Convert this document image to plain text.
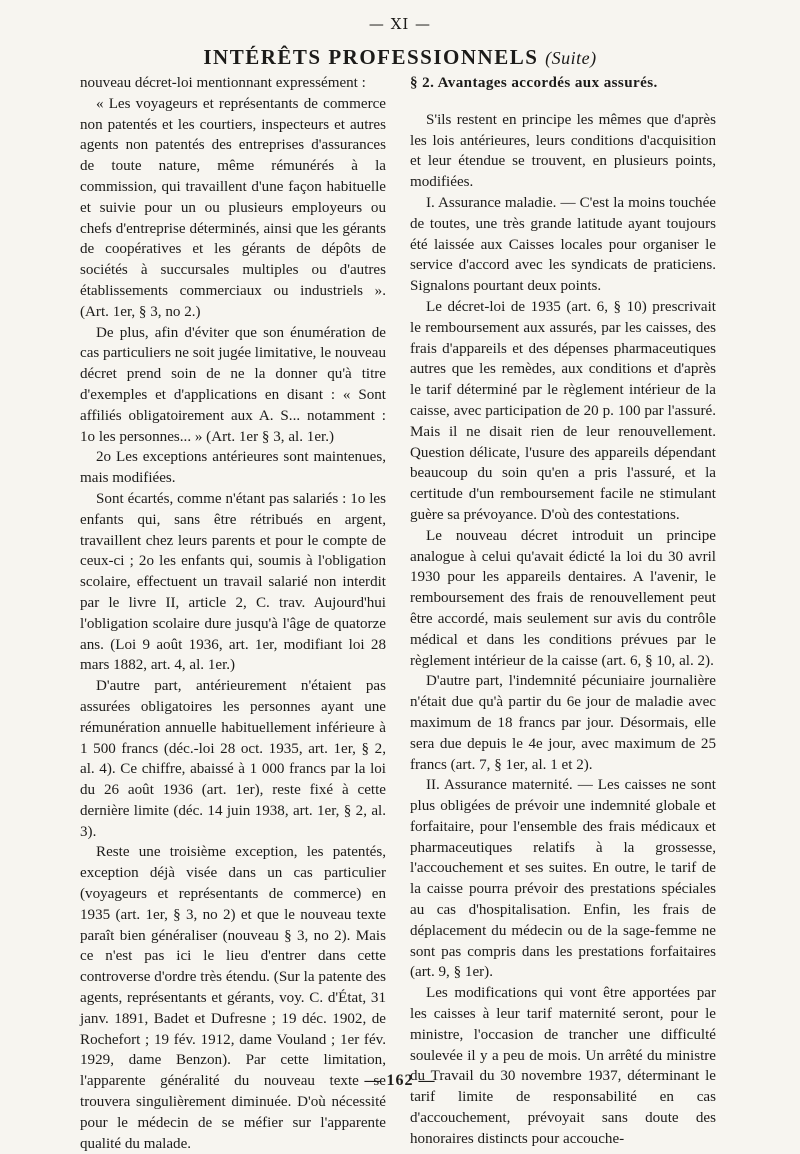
— XI —
INTÉRÊTS PROFESSIONNELS (Suite)

nouveau décret-loi mentionnant expressément :

« Les voyageurs et représentants de commerce non patentés et les courtiers, inspecteurs et autres agents non patentés des entreprises d'assurances de toute nature, même rémunérés à la commission, qui travaillent d'une façon habituelle et suivie pour un ou plusieurs employeurs ou chefs d'entreprise déterminés, ainsi que les gérants de coopératives et les gérants de dépôts de sociétés à succursales multiples ou d'autres établissements commerciaux ou industriels ». (Art. 1er, § 3, no 2.)

De plus, afin d'éviter que son énumération de cas particuliers ne soit jugée limitative, le nouveau décret prend soin de ne la donner qu'à titre d'exemples et d'applications en disant : « Sont affiliés obligatoirement aux A. S... notamment : 1o les personnes... » (Art. 1er § 3, al. 1er.)

2o Les exceptions antérieures sont maintenues, mais modifiées.

Sont écartés, comme n'étant pas salariés : 1o les enfants qui, sans être rétribués en argent, travaillent chez leurs parents et pour le compte de ceux-ci ; 2o les enfants qui, soumis à l'obligation scolaire, effectuent un travail salarié non interdit par le livre II, article 2, C. trav. Aujourd'hui l'obligation scolaire dure jusqu'à l'âge de quatorze ans. (Loi 9 août 1936, art. 1er, modifiant loi 28 mars 1882, art. 4, al. 1er.)

D'autre part, antérieurement n'étaient pas assurées obligatoires les personnes ayant une rémunération annuelle habituellement inférieure à 1 500 francs (déc.-loi 28 oct. 1935, art. 1er, § 2, al. 4). Ce chiffre, abaissé à 1 000 francs par la loi du 26 août 1936 (art. 1er), reste fixé à cette dernière limite (déc. 14 juin 1938, art. 1er, § 2, al. 3).

Reste une troisième exception, les patentés, exception déjà visée dans un cas particulier (voyageurs et représentants de commerce) en 1935 (art. 1er, § 3, no 2) et que le nouveau texte paraît bien généraliser (nouveau § 3, no 2). Mais ce n'est pas ici le lieu d'entrer dans cette controverse d'ordre très étendu. (Sur la patente des agents, représentants et gérants, voy. C. d'État, 31 janv. 1891, Badet et Dufresne ; 19 déc. 1902, de Rochefort ; 19 fév. 1912, dame Vouland ; 1er fév. 1929, dame Benzon). Par cette limitation, l'apparente généralité du nouveau texte se trouvera singulièrement diminuée. D'où nécessité pour le médecin de se méfier sur l'apparente qualité du malade.

§ 2. Avantages accordés aux assurés.

S'ils restent en principe les mêmes que d'après les lois antérieures, leurs conditions d'acquisition et leur étendue se trouvent, en plusieurs points, modifiées.

I. Assurance maladie. — C'est la moins touchée de toutes, une très grande latitude ayant toujours été laissée aux Caisses locales pour organiser le service d'accord avec les syndicats de praticiens. Signalons pourtant deux points.

Le décret-loi de 1935 (art. 6, § 10) prescrivait le remboursement aux assurés, par les caisses, des frais d'appareils et des dépenses pharmaceutiques autres que les remèdes, aux conditions et d'après le tarif déterminé par le règlement intérieur de la caisse, avec participation de 20 p. 100 par l'assuré. Mais il ne disait rien de leur renouvellement. Question délicate, l'usure des appareils dépendant beaucoup du soin qu'en a pris l'assuré, et la certitude d'un remboursement facile ne stimulant guère sa prévoyance. D'où des contestations.

Le nouveau décret introduit un principe analogue à celui qu'avait édicté la loi du 30 avril 1930 pour les appareils dentaires. A l'avenir, le remboursement des frais de renouvellement peut être accordé, mais seulement sur avis du contrôle médical et dans les conditions prévues par le règlement intérieur de la caisse (art. 6, § 10, al. 2).

D'autre part, l'indemnité pécuniaire journalière n'était due qu'à partir du 6e jour de maladie avec maximum de 18 francs par jour. Désormais, elle sera due depuis le 4e jour, avec maximum de 25 francs (art. 7, § 1er, al. 1 et 2).

II. Assurance maternité. — Les caisses ne sont plus obligées de prévoir une indemnité globale et forfaitaire, pour l'ensemble des frais médicaux et pharmaceutiques relatifs à la grossesse, l'accouchement et ses suites. En outre, le tarif de la caisse pourra prévoir des prestations spéciales au cas d'hospitalisation. Enfin, les frais de déplacement du médecin ou de la sage-femme ne sont pas compris dans les prestations forfaitaires (art. 9, § 1er).

Les modifications qui vont être apportées par les caisses à leur tarif maternité seront, pour le ministre, l'occasion de trancher une difficulté soulevée il y a peu de mois. Un arrêté du ministre du Travail du 30 novembre 1937, déterminant le tarif limite de responsabilité en cas d'accouchement, prévoyait sans doute des honoraires distincts pour accouche-

— 162 —
